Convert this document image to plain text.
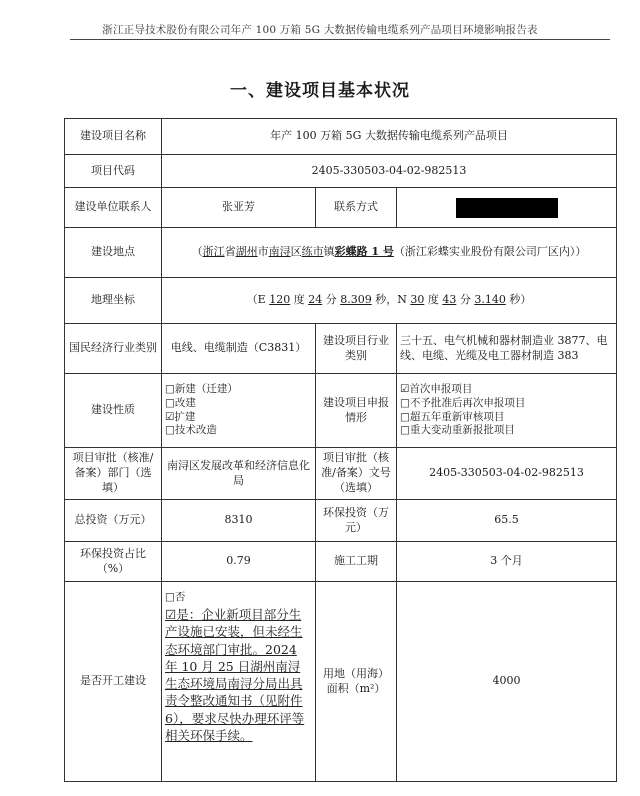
浙江正导技术股份有限公司年产 100 万箱 5G 大数据传输电缆系列产品项目环境影响报告表
一、建设项目基本状况
建设项目名称	年产 100 万箱 5G 大数据传输电缆系列产品项目		
项目代码	2405-330503-04-02-982513		
建设单位联系人	张亚芳	联系方式	
建设地点	（浙江省湖州市南浔区练市镇彩蝶路 1 号（浙江彩蝶实业股份有限公司厂区内））		
地理坐标	（E 120 度 24 分 8.309 秒，N 30 度 43 分 3.140 秒）		
国民经济行业类别	电线、电缆制造（C3831）	建设项目行业类别	三十五、电气机械和器材制造业 3877、电线、电缆、光缆及电工器材制造 383
建设性质	□新建（迁建）
□改建
☑扩建
□技术改造	建设项目申报情形	☑首次申报项目
□不予批准后再次申报项目
□超五年重新审核项目
□重大变动重新报批项目

项目审批（核准/备案）部门（选填）	南浔区发展改革和经济信息化局	项目审批（核准/备案）文号（选填）	2405-330503-04-02-982513
总投资（万元）	8310	环保投资（万元）	65.5
环保投资占比（%）	0.79	施工工期	3 个月
是否开工建设	□否
☑是：企业新项目部分生产设施已安装，但未经生态环境部门审批。2024 年 10 月 25 日湖州南浔生态环境局南浔分局出具责令整改通知书（见附件 6），要求尽快办理环评等相关环保手续。	用地（用海）面积（m²）	4000
